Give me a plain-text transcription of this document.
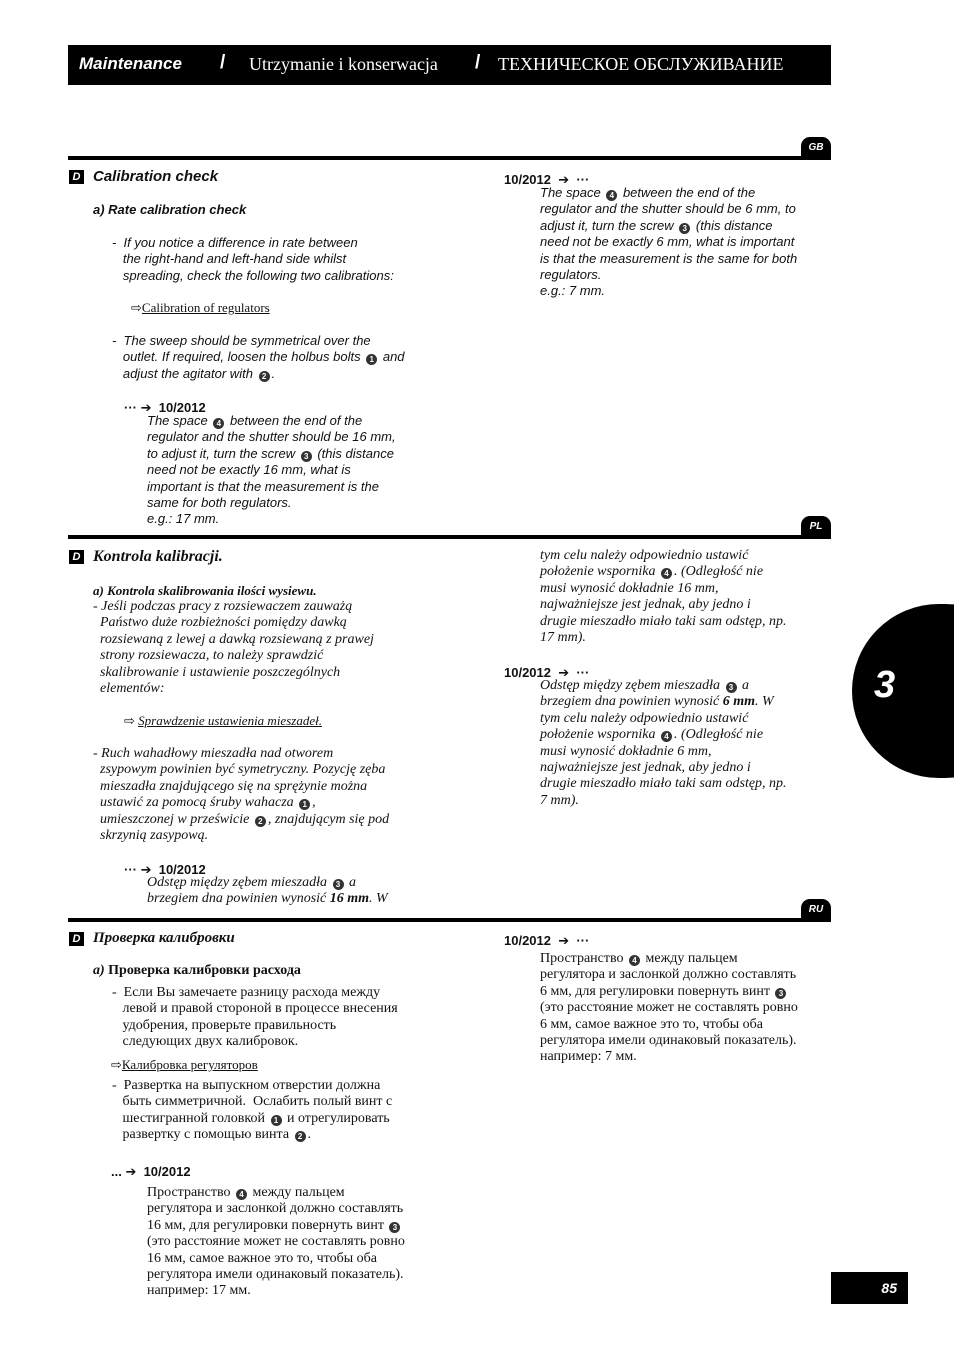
Maintenance / Utrzymanie i konserwacja / ТЕХНИЧЕСКОЕ ОБСЛУЖИВАНИЕ
GB
D Calibration check
a) Rate calibration check
-  If you notice a difference in rate between
the right-hand and left-hand side whilst
spreading, check the following two calibrations:
⇨Calibration of regulators
-  The sweep should be symmetrical over the
outlet. If required, loosen the holbus bolts 1 and
adjust the agitator with 2 .
··· ➔  10/2012
The space 4 between the end of the
regulator and the shutter should be 16 mm,
to adjust it, turn the screw 3 (this distance
need not be exactly 16 mm, what is
important is that the measurement is the
same for both regulators.
e.g.: 17 mm.
10/2012  ➔  ···
The space 4 between the end of the
regulator and the shutter should be 6 mm, to
adjust it, turn the screw 3 (this distance
need not be exactly 6 mm, what is important
is that the measurement is the same for both
regulators.
e.g.: 7 mm.
PL
D Kontrola kalibracji.
a) Kontrola skalibrowania ilości wysiewu.
- Jeśli podczas pracy z rozsiewaczem zauważą
Państwo duże rozbieżności pomiędzy dawką
rozsiewaną z lewej a dawką rozsiewaną z prawej
strony rozsiewacza, to należy sprawdzić
skalibrowanie i ustawienie poszczególnych
elementów:
⇨ Sprawdzenie ustawienia mieszadeł.
- Ruch wahadłowy mieszadła nad otworem
zsypowym powinien być symetryczny. Pozycję zęba
mieszadła znajdującego się na sprężynie można
ustawić za pomocą śruby wahacza 1 ,
umieszczonej w prześwicie 2 , znajdującym się pod
skrzynią zasypową.
··· ➔  10/2012
Odstęp między zębem mieszadła 3 a
brzegiem dna powinien wynosić 16 mm. W
tym celu należy odpowiednio ustawić
położenie wspornika 4 . (Odległość nie
musi wynosić dokładnie 16 mm,
najważniejsze jest jednak, aby jedno i
drugie mieszadło miało taki sam odstęp, np.
17 mm).
10/2012  ➔  ···
Odstęp między zębem mieszadła 3 a
brzegiem dna powinien wynosić 6 mm. W
tym celu należy odpowiednio ustawić
położenie wspornika 4 . (Odległość nie
musi wynosić dokładnie 6 mm,
najważniejsze jest jednak, aby jedno i
drugie mieszadło miało taki sam odstęp, np.
7 mm).
3
RU
D Проверка калибровки
a) Проверка калибровки расхода
-  Если Вы замечаете разницу расхода между
левой и правой стороной в процессе внесения
удобрения, проверьте правильность
следующих двух калибровок.
⇨Калибровка регуляторов
-  Развертка на выпускном отверстии должна
быть симметричной.  Ослабить полый винт с
шестигранной головкой 1 и отрегулировать
развертку с помощью винта 2 .
... ➔  10/2012
Пространство 4 между пальцем
регулятора и заслонкой должно составлять
16 мм, для регулировки повернуть винт 3
(это расстояние может не составлять ровно
16 мм, самое важное это то, чтобы оба
регулятора имели одинаковый показатель).
например: 17 мм.
10/2012  ➔  ···
Пространство 4 между пальцем
регулятора и заслонкой должно составлять
6 мм, для регулировки повернуть винт 3
(это расстояние может не составлять ровно
6 мм, самое важное это то, чтобы оба
регулятора имели одинаковый показатель).
например: 7 мм.
85
